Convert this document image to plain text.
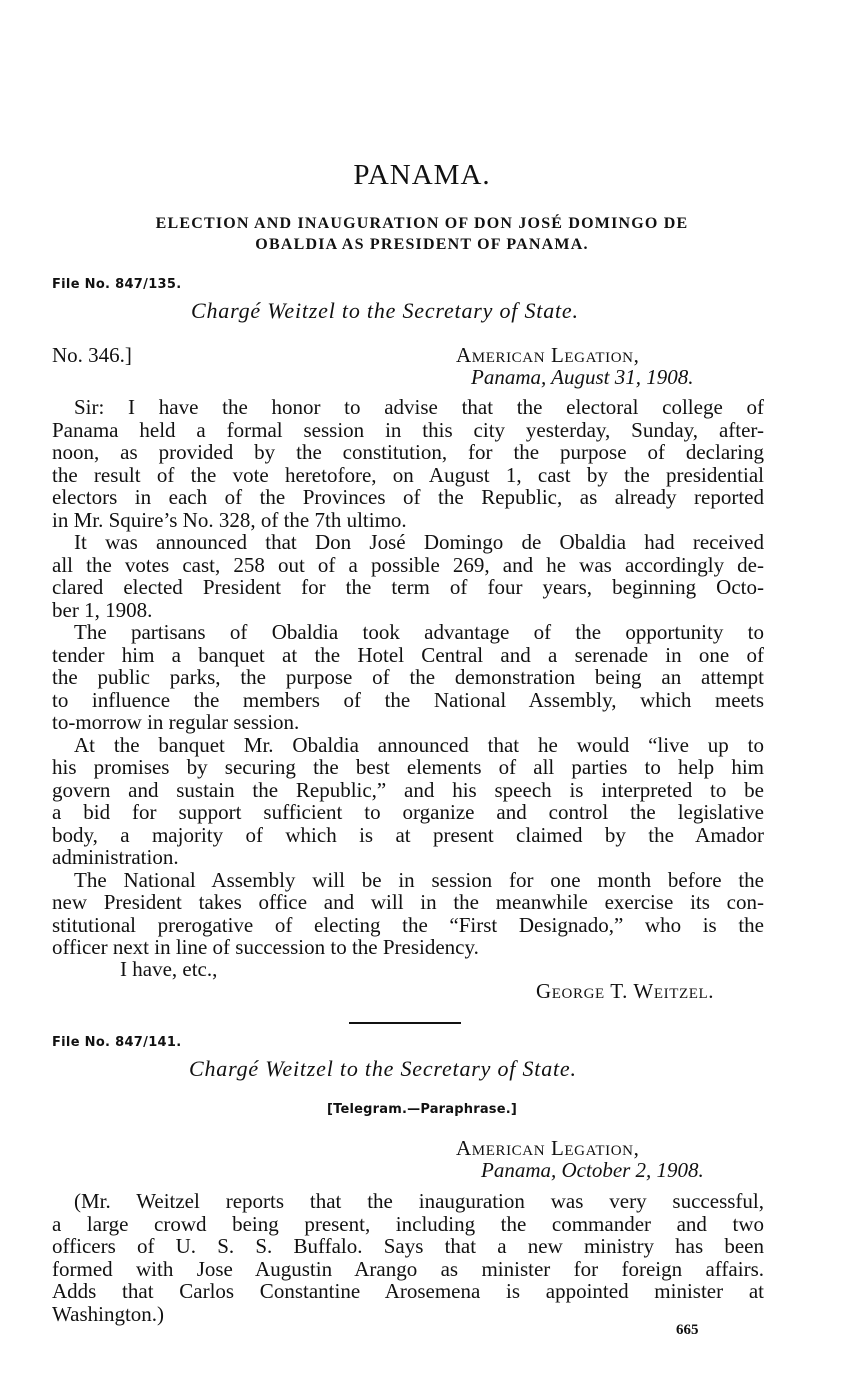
PANAMA.
ELECTION AND INAUGURATION OF DON JOSÉ DOMINGO DE
OBALDIA AS PRESIDENT OF PANAMA.
File No. 847/135.
Chargé Weitzel to the Secretary of State.
No. 346.]	American Legation,
Panama, August 31, 1908.
Sir: I have the honor to advise that the electoral college of
Panama held a formal session in this city yesterday, Sunday, after-
noon, as provided by the constitution, for the purpose of declaring
the result of the vote heretofore, on August 1, cast by the presidential
electors in each of the Provinces of the Republic, as already reported
in Mr. Squire’s No. 328, of the 7th ultimo.
It was announced that Don José Domingo de Obaldia had received
all the votes cast, 258 out of a possible 269, and he was accordingly de-
clared elected President for the term of four years, beginning Octo-
ber 1, 1908.
The partisans of Obaldia took advantage of the opportunity to
tender him a banquet at the Hotel Central and a serenade in one of
the public parks, the purpose of the demonstration being an attempt
to influence the members of the National Assembly, which meets
to-morrow in regular session.
At the banquet Mr. Obaldia announced that he would “live up to
his promises by securing the best elements of all parties to help him
govern and sustain the Republic,” and his speech is interpreted to be
a bid for support sufficient to organize and control the legislative
body, a majority of which is at present claimed by the Amador
administration.
The National Assembly will be in session for one month before the
new President takes office and will in the meanwhile exercise its con-
stitutional prerogative of electing the “First Designado,” who is the
officer next in line of succession to the Presidency.
I have, etc.,
George T. Weitzel.
File No. 847/141.
Chargé Weitzel to the Secretary of State.
[Telegram.—Paraphrase.]
American Legation,
Panama, October 2, 1908.
(Mr. Weitzel reports that the inauguration was very successful,
a large crowd being present, including the commander and two
officers of U. S. S. Buffalo. Says that a new ministry has been
formed with Jose Augustin Arango as minister for foreign affairs.
Adds that Carlos Constantine Arosemena is appointed minister at
Washington.)
665
